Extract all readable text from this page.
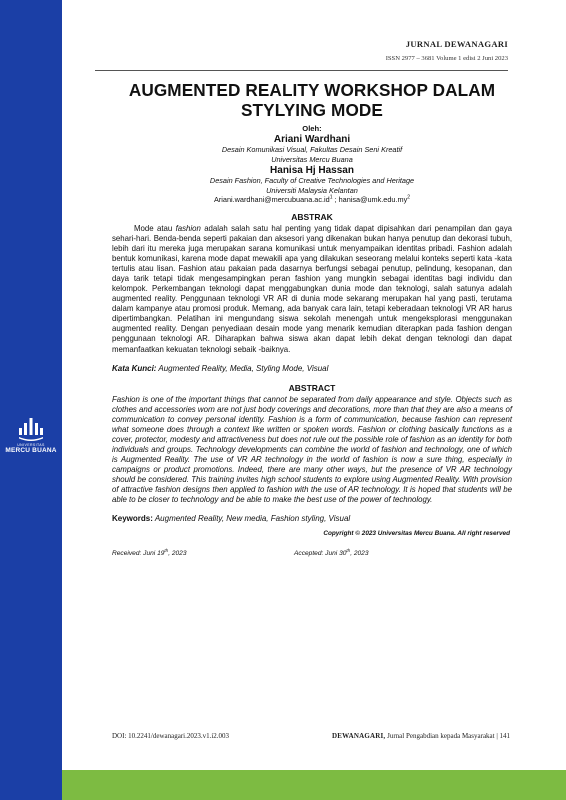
UNIVERSITAS
MERCU BUANA
JURNAL DEWANAGARI
ISSN 2977 – 3681 Volume 1 edisi 2 Juni 2023
AUGMENTED REALITY WORKSHOP DALAM STYLYING MODE
Oleh:
Ariani Wardhani
Desain Komunikasi Visual, Fakultas Desain Seni Kreatif
Universitas Mercu Buana
Hanisa Hj Hassan
Desain Fashion, Faculty of Creative Technologies and Heritage
Universiti Malaysia Kelantan
$Ariani.wardhani@mercubuana.ac.id^1$ ; $hanisa@umk.edu.my^2$
ABSTRAK

Mode atau fashion adalah salah satu hal penting yang tidak dapat dipisahkan dari penampilan dan gaya sehari-hari. Benda-benda seperti pakaian dan aksesori yang dikenakan bukan hanya penutup dan dekorasi tubuh, lebih dari itu mereka juga merupakan sarana komunikasi untuk menyampaikan identitas pribadi. Fashion adalah bentuk komunikasi, karena mode dapat mewakili apa yang dilakukan seseorang melalui konteks seperti kata -kata tertulis atau lisan. Fashion atau pakaian pada dasarnya berfungsi sebagai penutup, pelindung, kesopanan, dan daya tarik tetapi tidak mengesampingkan peran fashion yang mungkin sebagai identitas bagi individu dan kelompok. Perkembangan teknologi dapat menggabungkan dunia mode dan teknologi, salah satunya adalah augmented reality. Penggunaan teknologi VR AR di dunia mode sekarang merupakan hal yang pasti, terutama dalam kampanye atau promosi produk. Memang, ada banyak cara lain, tetapi keberadaan teknologi VR AR harus dipertimbangkan. Pelatihan ini mengundang siswa sekolah menengah untuk mengeksplorasi menggunakan augmented reality. Dengan penyediaan desain mode yang menarik kemudian diterapkan pada fashion dengan penggunaan teknologi AR. Diharapkan bahwa siswa akan dapat lebih dekat dengan teknologi dan dapat memanfaatkan kekuatan teknologi sebaik -baiknya.

Kata Kunci: Augmented Reality, Media, Styling Mode, Visual
ABSTRACT

Fashion is one of the important things that cannot be separated from daily appearance and style. Objects such as clothes and accessories worn are not just body coverings and decorations, more than that they are also a means of communication to convey personal identity. Fashion is a form of communication, because fashion can represent what someone does through a context like written or spoken words. Fashion or clothing basically functions as a cover, protector, modesty and attractiveness but does not rule out the possible role of fashion as an identity for both individuals and groups. Technology developments can combine the world of fashion and technology, one of which is Augmented Reality. The use of VR AR technology in the world of fashion is now a sure thing, especially in campaigns or product promotions. Indeed, there are many other ways, but the presence of VR AR technology should be considered. This training invites high school students to explore using Augmented Reality. With provision of attractive fashion designs then applied to fashion with the use of AR technology. It is hoped that students will be able to be closer to technology and be able to make the best use of the power of technology.

Keywords: Augmented Reality, New media, Fashion styling, Visual
Copyright © 2023 Universitas Mercu Buana. All right reserved
Received: Juni 19th, 2023	Accepted: Juni 30th, 2023
DOI: 10.2241/dewanagari.2023.v1.i2.003	DEWANAGARI, Jurnal Pengabdian kepada Masyarakat | 141
